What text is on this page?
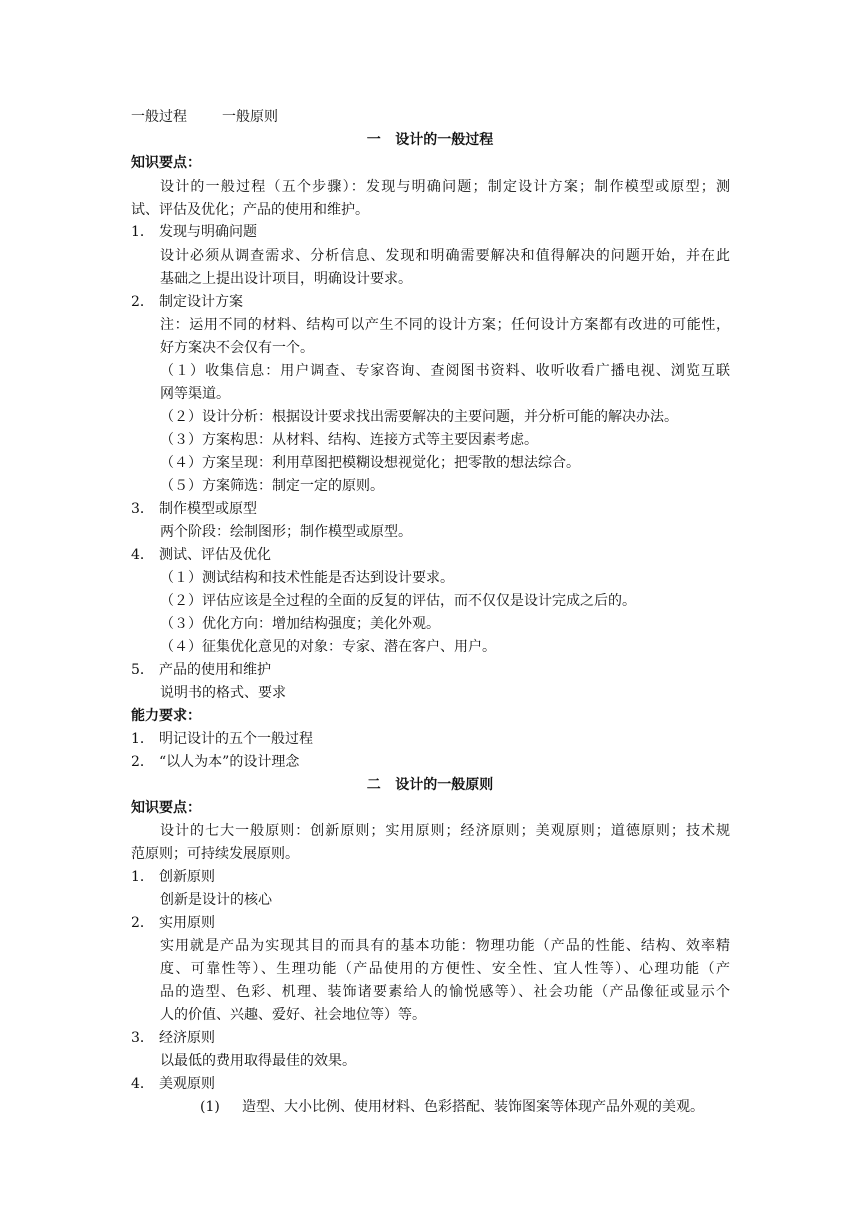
一般过程	一般原则
一   设计的一般过程
知识要点：
设计的一般过程（五个步骤）：发现与明确问题；制定设计方案；制作模型或原型；测
试、评估及优化；产品的使用和维护。
1． 发现与明确问题
设计必须从调查需求、分析信息、发现和明确需要解决和值得解决的问题开始，并在此
基础之上提出设计项目，明确设计要求。
2． 制定设计方案
注：运用不同的材料、结构可以产生不同的设计方案；任何设计方案都有改进的可能性，
好方案决不会仅有一个。
（１）收集信息：用户调查、专家咨询、查阅图书资料、收听收看广播电视、浏览互联
网等渠道。
（２）设计分析：根据设计要求找出需要解决的主要问题，并分析可能的解决办法。
（３）方案构思：从材料、结构、连接方式等主要因素考虑。
（４）方案呈现：利用草图把模糊设想视觉化；把零散的想法综合。
（５）方案筛选：制定一定的原则。
3． 制作模型或原型
两个阶段：绘制图形；制作模型或原型。
4． 测试、评估及优化
（１）测试结构和技术性能是否达到设计要求。
（２）评估应该是全过程的全面的反复的评估，而不仅仅是设计完成之后的。
（３）优化方向：增加结构强度；美化外观。
（４）征集优化意见的对象：专家、潜在客户、用户。
5． 产品的使用和维护
说明书的格式、要求
能力要求：
1． 明记设计的五个一般过程
2． “以人为本”的设计理念
二   设计的一般原则
知识要点：
设计的七大一般原则：创新原则；实用原则；经济原则；美观原则；道德原则；技术规
范原则；可持续发展原则。
1． 创新原则
创新是设计的核心
2． 实用原则
实用就是产品为实现其目的而具有的基本功能：物理功能（产品的性能、结构、效率精
度、可靠性等）、生理功能（产品使用的方便性、安全性、宜人性等）、心理功能（产
品的造型、色彩、机理、装饰诸要素给人的愉悦感等）、社会功能（产品像征或显示个
人的价值、兴趣、爱好、社会地位等）等。
3． 经济原则
以最低的费用取得最佳的效果。
4． 美观原则
(1) 造型、大小比例、使用材料、色彩搭配、装饰图案等体现产品外观的美观。
